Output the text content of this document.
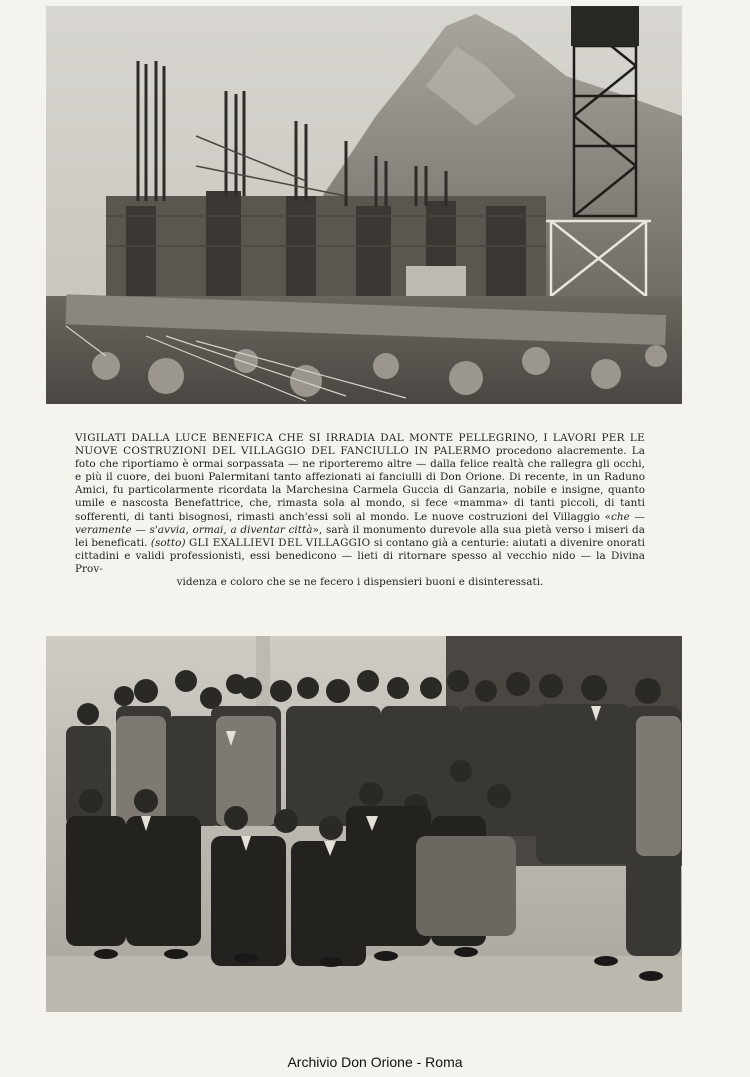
VIGILATI DALLA LUCE BENEFICA CHE SI IRRADIA DAL MONTE PELLEGRINO, I LAVORI PER LE NUOVE COSTRUZIONI DEL VILLAGGIO DEL FANCIULLO IN PALERMO procedono alacremente. La foto che riportiamo è ormai sorpassata — ne riporteremo altre — dalla felice realtà che rallegra gli occhi, e più il cuore, dei buoni Palermitani tanto affezionati ai fanciulli di Don Orione. Di recente, in un Raduno Amici, fu particolarmente ricordata la Marchesina Carmela Guccia di Ganzaria, nobile e insigne, quanto umile e nascosta Benefattrice, che, rimasta sola al mondo, si fece «mamma» di tanti piccoli, di tanti sofferenti, di tanti bisognosi, rimasti anch'essi soli al mondo. Le nuove costruzioni del Villaggio «che — veramente — s'avvia, ormai, a diventar città», sarà il monumento durevole alla sua pietà verso i miseri da lei beneficati. (sotto) GLI EXALLIEVI DEL VILLAGGIO si contano già a centurie: aiutati a divenire onorati cittadini e validi professionisti, essi benedicono — lieti di ritornare spesso al vecchio nido — la Divina Prov-
videnza e coloro che se ne fecero i dispensieri buoni e disinteressati.
Archivio Don Orione - Roma
